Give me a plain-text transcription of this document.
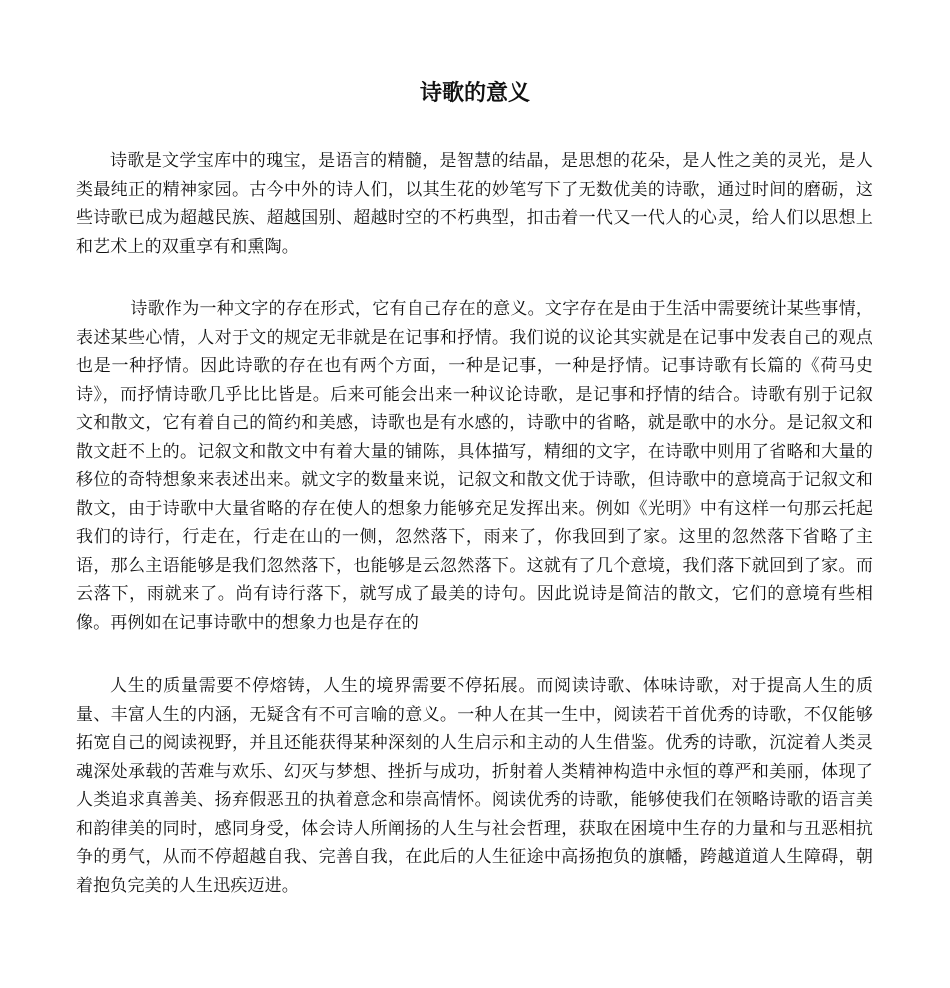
诗歌的意义

诗歌是文学宝库中的瑰宝，是语言的精髓，是智慧的结晶，是思想的花朵，是人性之美的灵光，是人类最纯正的精神家园。古今中外的诗人们，以其生花的妙笔写下了无数优美的诗歌，通过时间的磨砺，这些诗歌已成为超越民族、超越国别、超越时空的不朽典型，扣击着一代又一代人的心灵，给人们以思想上和艺术上的双重享有和熏陶。

诗歌作为一种文字的存在形式，它有自己存在的意义。文字存在是由于生活中需要统计某些事情，表述某些心情，人对于文的规定无非就是在记事和抒情。我们说的议论其实就是在记事中发表自己的观点也是一种抒情。因此诗歌的存在也有两个方面，一种是记事，一种是抒情。记事诗歌有长篇的《荷马史诗》，而抒情诗歌几乎比比皆是。后来可能会出来一种议论诗歌，是记事和抒情的结合。诗歌有别于记叙文和散文，它有着自己的简约和美感，诗歌也是有水感的，诗歌中的省略，就是歌中的水分。是记叙文和散文赶不上的。记叙文和散文中有着大量的铺陈，具体描写，精细的文字，在诗歌中则用了省略和大量的移位的奇特想象来表述出来。就文字的数量来说，记叙文和散文优于诗歌，但诗歌中的意境高于记叙文和散文，由于诗歌中大量省略的存在使人的想象力能够充足发挥出来。例如《光明》中有这样一句那云托起我们的诗行，行走在，行走在山的一侧，忽然落下，雨来了，你我回到了家。这里的忽然落下省略了主语，那么主语能够是我们忽然落下，也能够是云忽然落下。这就有了几个意境，我们落下就回到了家。而云落下，雨就来了。尚有诗行落下，就写成了最美的诗句。因此说诗是简洁的散文，它们的意境有些相像。再例如在记事诗歌中的想象力也是存在的

人生的质量需要不停熔铸，人生的境界需要不停拓展。而阅读诗歌、体味诗歌，对于提高人生的质量、丰富人生的内涵，无疑含有不可言喻的意义。一种人在其一生中，阅读若干首优秀的诗歌，不仅能够拓宽自己的阅读视野，并且还能获得某种深刻的人生启示和主动的人生借鉴。优秀的诗歌，沉淀着人类灵魂深处承载的苦难与欢乐、幻灭与梦想、挫折与成功，折射着人类精神构造中永恒的尊严和美丽，体现了人类追求真善美、扬弃假恶丑的执着意念和崇高情怀。阅读优秀的诗歌，能够使我们在领略诗歌的语言美和韵律美的同时，感同身受，体会诗人所阐扬的人生与社会哲理，获取在困境中生存的力量和与丑恶相抗争的勇气，从而不停超越自我、完善自我，在此后的人生征途中高扬抱负的旗幡，跨越道道人生障碍，朝着抱负完美的人生迅疾迈进。
